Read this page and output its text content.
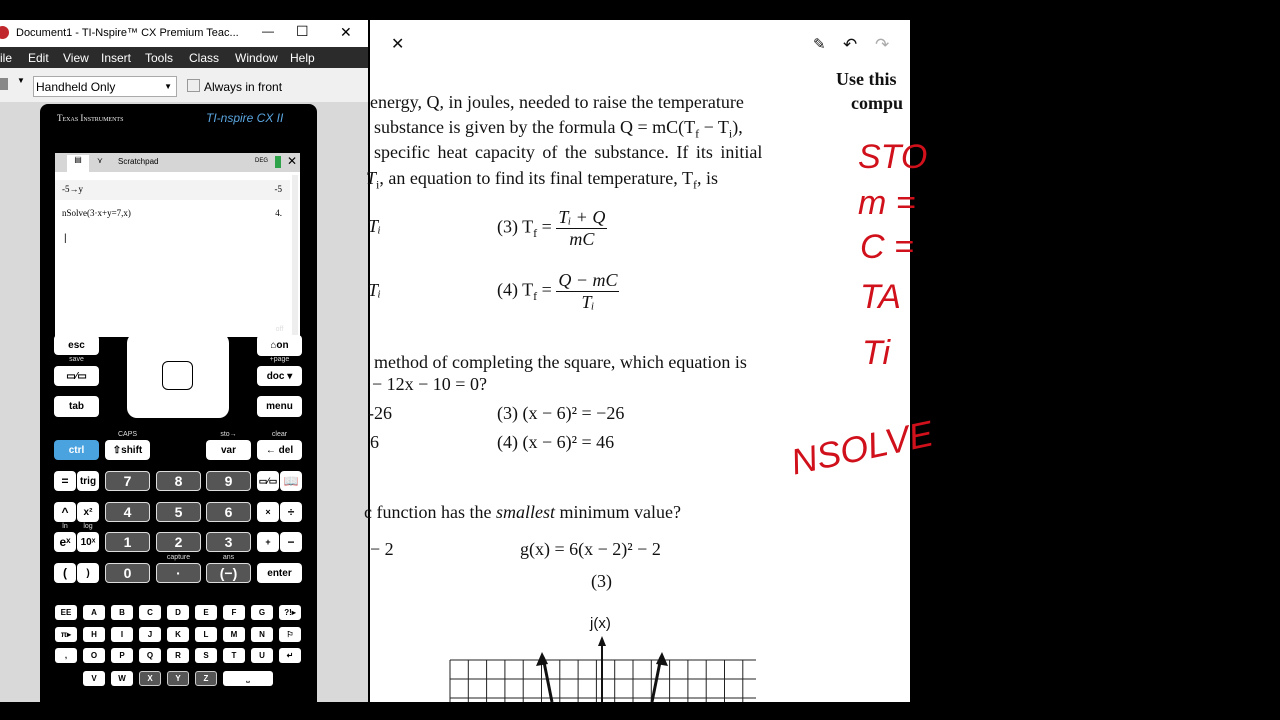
Document1 - TI-Nspire™ CX Premium Teac... — ☐ ✕
ile Edit View Insert Tools Class Window Help
▼ Handheld Only	▼	Always in front
Texas Instruments	TI-nspire CX II
▤	⋎ Scratchpad	DEG ✕
-5→y	-5
nSolve(3·x+y=7,x)	4.
|
esc
▭⁄▭
save
tab
⌂on
off
doc ▾
+page
menu
ctrl	⇧shift
CAPS
var
sto→
← del
clear
7	8	9
4	5	6
1	2	3
0	·	(−)
=	trig
^	x²
eˣ	10ˣ
(	)
▭⁄▭ 📖
×	÷
+	−
enter
ln	log
capture	ans
EE	A	B	C	D	E	F	G	?!▸
π▸	H	I	J	K	L	M	N	⚐
,	O	P	Q	R	S	T	U	↵
V	W	X	Y	Z	⎵
✕	✎ ↶ ↷
energy, Q, in joules, needed to raise the temperature
substance is given by the formula $Q = mC(T_f - T_i)$,
specific heat capacity of the substance. If its initial
$T_i$, an equation to find its final temperature, $T_f$, is
Tᵢ	(3) $T_f = \frac{\text{Tᵢ + Q}}{mC}$
Tᵢ	(4) $T_f = \frac{Q - mC}{\text{Tᵢ}}$
method of completing the square, which equation is
− 12x − 10 = 0?
-26	(3) (x − 6)² = −26
6	(4) (x − 6)² = 46
c function has the smallest minimum value?
− 2	g(x) = 6(x − 2)² − 2
(3)
j(x)
Use this
compu
STO
m =
C =
TA
Ti
NSOLVE
